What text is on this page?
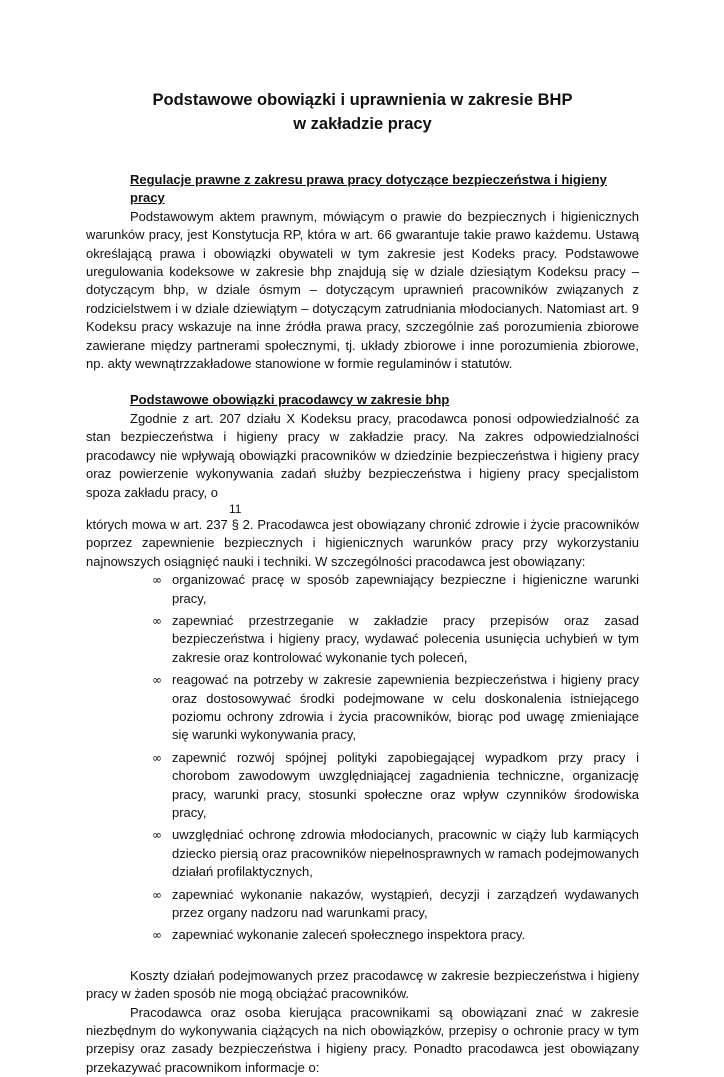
Podstawowe obowiązki i uprawnienia w zakresie BHP
w zakładzie pracy

Regulacje prawne z zakresu prawa pracy dotyczące bezpieczeństwa i higieny pracy

Podstawowym aktem prawnym, mówiącym o prawie do bezpiecznych i higienicznych warunków pracy, jest Konstytucja RP, która w art. 66 gwarantuje takie prawo każdemu. Ustawą określającą prawa i obowiązki obywateli w tym zakresie jest Kodeks pracy. Podstawowe uregulowania kodeksowe w zakresie bhp znajdują się w dziale dziesiątym Kodeksu pracy – dotyczącym bhp, w dziale ósmym – dotyczącym uprawnień pracowników związanych z rodzicielstwem i w dziale dziewiątym – dotyczącym zatrudniania młodocianych. Natomiast art. 9 Kodeksu pracy wskazuje na inne źródła prawa pracy, szczególnie zaś porozumienia zbiorowe zawierane między partnerami społecznymi, tj. układy zbiorowe i inne porozumienia zbiorowe, np. akty wewnątrzzakładowe stanowione w formie regulaminów i statutów.

Podstawowe obowiązki pracodawcy w zakresie bhp

Zgodnie z art. 207 działu X Kodeksu pracy, pracodawca ponosi odpowiedzialność za stan bezpieczeństwa i higieny pracy w zakładzie pracy. Na zakres odpowiedzialności pracodawcy nie wpływają obowiązki pracowników w dziedzinie bezpieczeństwa i higieny pracy oraz powierzenie wykonywania zadań służby bezpieczeństwa i higieny pracy specjalistom spoza zakładu pracy, o

11

których mowa w art. 237 § 2. Pracodawca jest obowiązany chronić zdrowie i życie pracowników poprzez zapewnienie bezpiecznych i higienicznych warunków pracy przy wykorzystaniu najnowszych osiągnięć nauki i techniki. W szczególności pracodawca jest obowiązany:

∞ organizować pracę w sposób zapewniający bezpieczne i higieniczne warunki pracy,
∞ zapewniać przestrzeganie w zakładzie pracy przepisów oraz zasad bezpieczeństwa i higieny pracy, wydawać polecenia usunięcia uchybień w tym zakresie oraz kontrolować wykonanie tych poleceń,
∞ reagować na potrzeby w zakresie zapewnienia bezpieczeństwa i higieny pracy oraz dostosowywać środki podejmowane w celu doskonalenia istniejącego poziomu ochrony zdrowia i życia pracowników, biorąc pod uwagę zmieniające się warunki wykonywania pracy,
∞ zapewnić rozwój spójnej polityki zapobiegającej wypadkom przy pracy i chorobom zawodowym uwzględniającej zagadnienia techniczne, organizację pracy, warunki pracy, stosunki społeczne oraz wpływ czynników środowiska pracy,
∞ uwzględniać ochronę zdrowia młodocianych, pracownic w ciąży lub karmiących dziecko piersią oraz pracowników niepełnosprawnych w ramach podejmowanych działań profilaktycznych,
∞ zapewniać wykonanie nakazów, wystąpień, decyzji i zarządzeń wydawanych przez organy nadzoru nad warunkami pracy,
∞ zapewniać wykonanie zaleceń społecznego inspektora pracy.

Koszty działań podejmowanych przez pracodawcę w zakresie bezpieczeństwa i higieny pracy w żaden sposób nie mogą obciążać pracowników.

Pracodawca oraz osoba kierująca pracownikami są obowiązani znać w zakresie niezbędnym do wykonywania ciążących na nich obowiązków, przepisy o ochronie pracy w tym przepisy oraz zasady bezpieczeństwa i higieny pracy. Ponadto pracodawca jest obowiązany przekazywać pracownikom informacje o:
